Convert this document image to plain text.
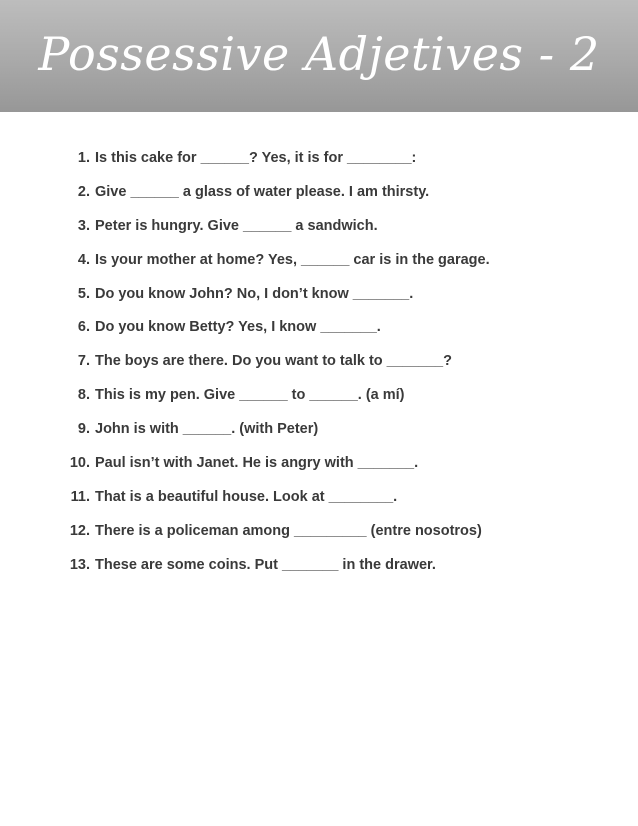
Possessive Adjetives - 2
1. Is this cake for ______? Yes, it is for ________:
2. Give ______ a glass of water please. I am thirsty.
3. Peter is hungry. Give ______ a sandwich.
4. Is your mother at home? Yes, ______ car is in the garage.
5. Do you know John? No, I don’t know _______.
6. Do you know Betty? Yes, I know _______.
7. The boys are there. Do you want to talk to _______?
8. This is my pen. Give ______ to ______. (a mí)
9. John is with ______. (with Peter)
10. Paul isn’t with Janet. He is angry with _______.
11. That is a beautiful house. Look at ________.
12. There is a policeman among _________ (entre nosotros)
13. These are some coins. Put _______ in the drawer.
